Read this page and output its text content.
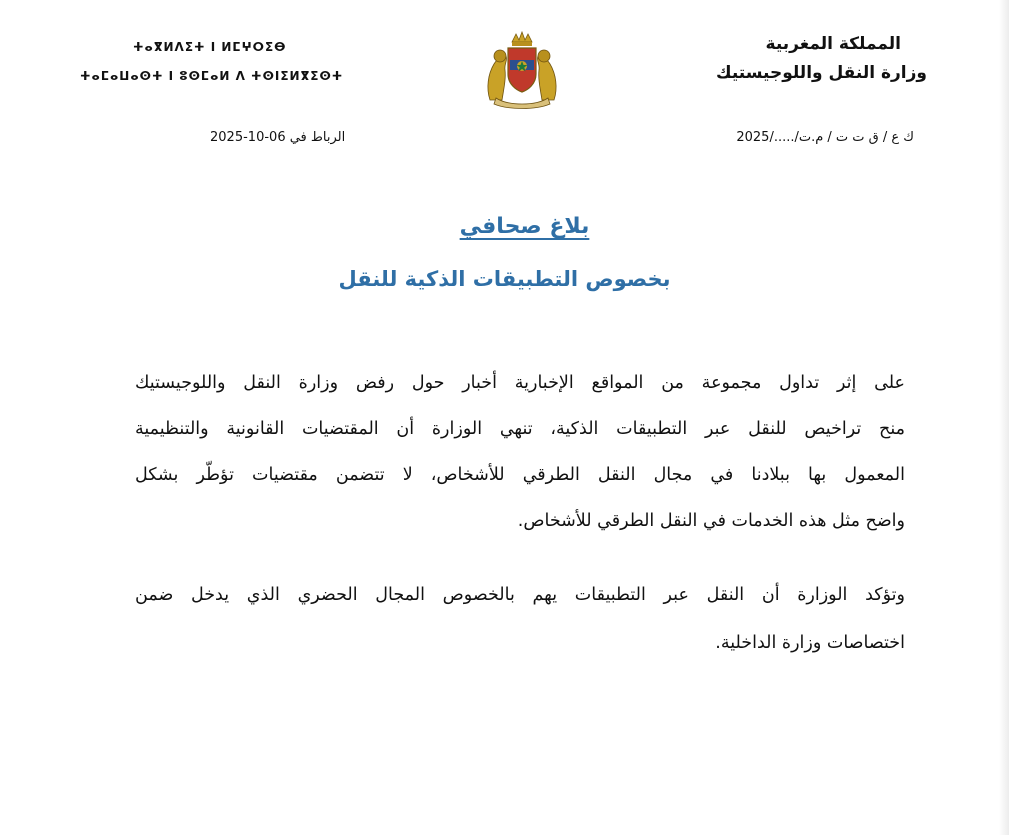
ⵜⴰⴳⵍⴷⵉⵜ ⵏ ⵍⵎⵖⵔⵉⴱ
ⵜⴰⵎⴰⵡⴰⵙⵜ ⵏ ⵓⵙⵎⴰⵍ ⴷ ⵜⵙⵏⵉⵍⴳⵉⵙⵜ
المملكة المغربية
وزارة النقل واللوجيستيك
ك ع / ق ت ت / م.ت/...../2025
الرباط في 06-10-2025
بلاغ صحافي
بخصوص التطبيقات الذكية للنقل
على إثر تداول مجموعة من المواقع الإخبارية أخبار حول رفض وزارة النقل واللوجيستيك
منح تراخيص للنقل عبر التطبيقات الذكية، تنهي الوزارة أن المقتضيات القانونية والتنظيمية
المعمول بها ببلادنا في مجال النقل الطرقي للأشخاص، لا تتضمن مقتضيات تؤطّر بشكل
واضح مثل هذه الخدمات في النقل الطرقي للأشخاص.
وتؤكد الوزارة أن النقل عبر التطبيقات يهم بالخصوص المجال الحضري الذي يدخل ضمن
اختصاصات وزارة الداخلية.
